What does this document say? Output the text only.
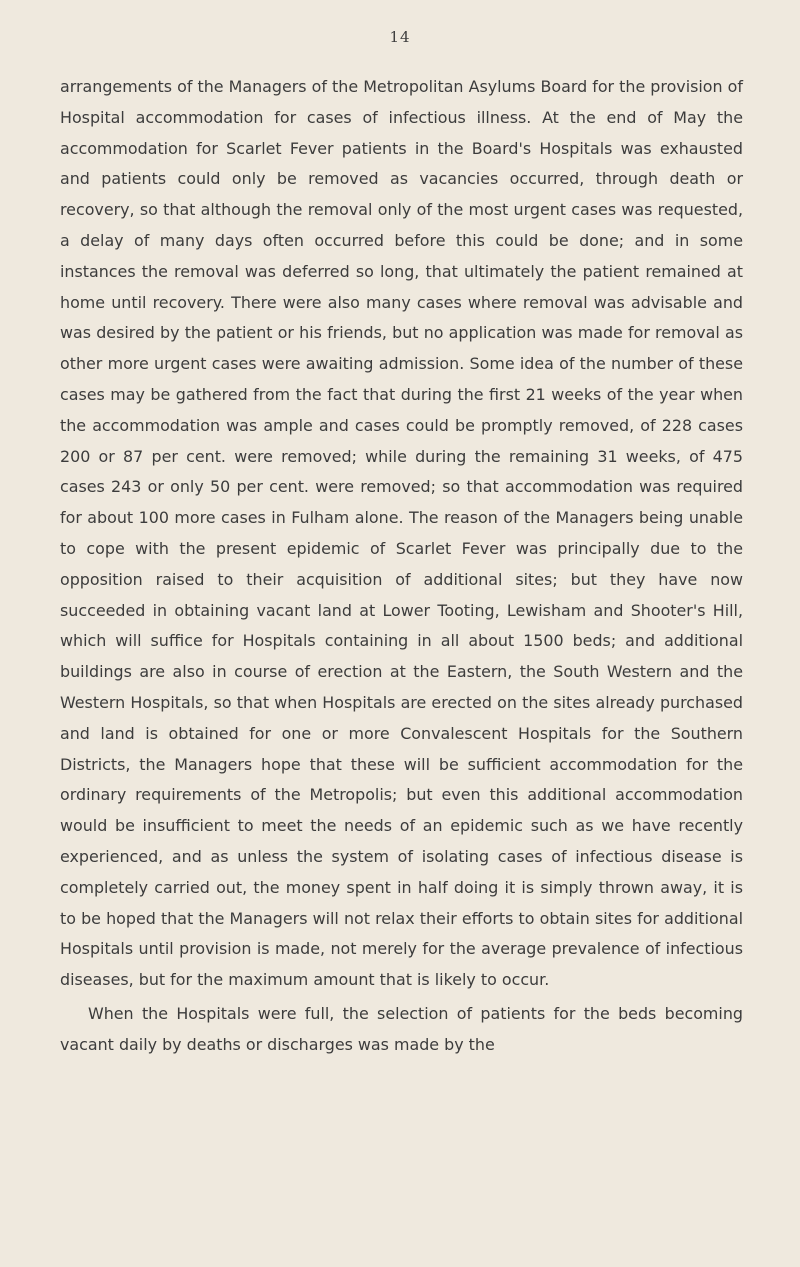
14

arrangements of the Managers of the Metropolitan Asylums Board for the provision of Hospital accommodation for cases of infectious illness. At the end of May the accommodation for Scarlet Fever patients in the Board's Hospitals was exhausted and patients could only be removed as vacancies occurred, through death or recovery, so that although the removal only of the most urgent cases was requested, a delay of many days often occurred before this could be done; and in some instances the removal was deferred so long, that ultimately the patient remained at home until recovery. There were also many cases where removal was advisable and was desired by the patient or his friends, but no application was made for removal as other more urgent cases were awaiting admission. Some idea of the number of these cases may be gathered from the fact that during the first 21 weeks of the year when the accommodation was ample and cases could be promptly removed, of 228 cases 200 or 87 per cent. were removed; while during the remaining 31 weeks, of 475 cases 243 or only 50 per cent. were removed; so that accommodation was required for about 100 more cases in Fulham alone. The reason of the Managers being unable to cope with the present epidemic of Scarlet Fever was principally due to the opposition raised to their acquisition of additional sites; but they have now succeeded in obtaining vacant land at Lower Tooting, Lewisham and Shooter's Hill, which will suffice for Hospitals containing in all about 1500 beds; and additional buildings are also in course of erection at the Eastern, the South Western and the Western Hospitals, so that when Hospitals are erected on the sites already purchased and land is obtained for one or more Convalescent Hospitals for the Southern Districts, the Managers hope that these will be sufficient accommodation for the ordinary requirements of the Metropolis; but even this additional accommodation would be insufficient to meet the needs of an epidemic such as we have recently experienced, and as unless the system of isolating cases of infectious disease is completely carried out, the money spent in half doing it is simply thrown away, it is to be hoped that the Managers will not relax their efforts to obtain sites for additional Hospitals until provision is made, not merely for the average prevalence of infectious diseases, but for the maximum amount that is likely to occur.

When the Hospitals were full, the selection of patients for the beds becoming vacant daily by deaths or discharges was made by the
